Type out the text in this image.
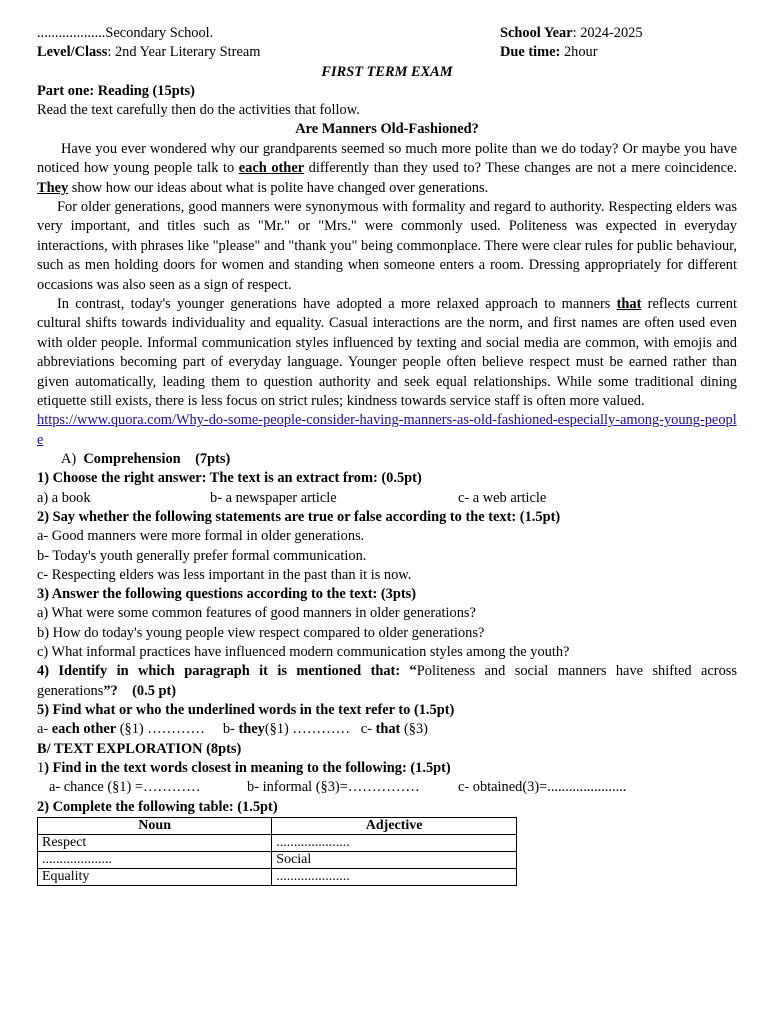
...................Secondary School.	School Year: 2024-2025
Level/Class: 2nd Year Literary Stream	Due time: 2hour
FIRST TERM EXAM
Part one: Reading (15pts)
Read the text carefully then do the activities that follow.
Are Manners Old-Fashioned?
Have you ever wondered why our grandparents seemed so much more polite than we do today? Or maybe you have noticed how young people talk to each other differently than they used to? These changes are not a mere coincidence. They show how our ideas about what is polite have changed over generations.
For older generations, good manners were synonymous with formality and regard to authority. Respecting elders was very important, and titles such as "Mr." or "Mrs." were commonly used. Politeness was expected in everyday interactions, with phrases like "please" and "thank you" being commonplace. There were clear rules for public behaviour, such as men holding doors for women and standing when someone enters a room. Dressing appropriately for different occasions was also seen as a sign of respect.
In contrast, today's younger generations have adopted a more relaxed approach to manners that reflects current cultural shifts towards individuality and equality. Casual interactions are the norm, and first names are often used even with older people. Informal communication styles influenced by texting and social media are common, with emojis and abbreviations becoming part of everyday language. Younger people often believe respect must be earned rather than given automatically, leading them to question authority and seek equal relationships. While some traditional dining etiquette still exists, there is less focus on strict rules; kindness towards service staff is often more valued.
https://www.quora.com/Why-do-some-people-consider-having-manners-as-old-fashioned-especially-among-young-people
A) Comprehension (7pts)
1) Choose the right answer: The text is an extract from: (0.5pt)
a) a book	b- a newspaper article	c- a web article
2) Say whether the following statements are true or false according to the text: (1.5pt)
a- Good manners were more formal in older generations.
b- Today's youth generally prefer formal communication.
c- Respecting elders was less important in the past than it is now.
3) Answer the following questions according to the text: (3pts)
a) What were some common features of good manners in older generations?
b) How do today's young people view respect compared to older generations?
c) What informal practices have influenced modern communication styles among the youth?
4) Identify in which paragraph it is mentioned that: “Politeness and social manners have shifted across generations”? (0.5 pt)
5) Find what or who the underlined words in the text refer to (1.5pt)
a- each other (§1) ………… b- they(§1) ………… c- that (§3)
B/ TEXT EXPLORATION (8pts)
1) Find in the text words closest in meaning to the following: (1.5pt)
a- chance (§1) =…………	b- informal (§3)=……………	c- obtained(3)=......................
2) Complete the following table: (1.5pt)
Noun	Adjective
Respect	.....................
....................	Social
Equality	.....................
